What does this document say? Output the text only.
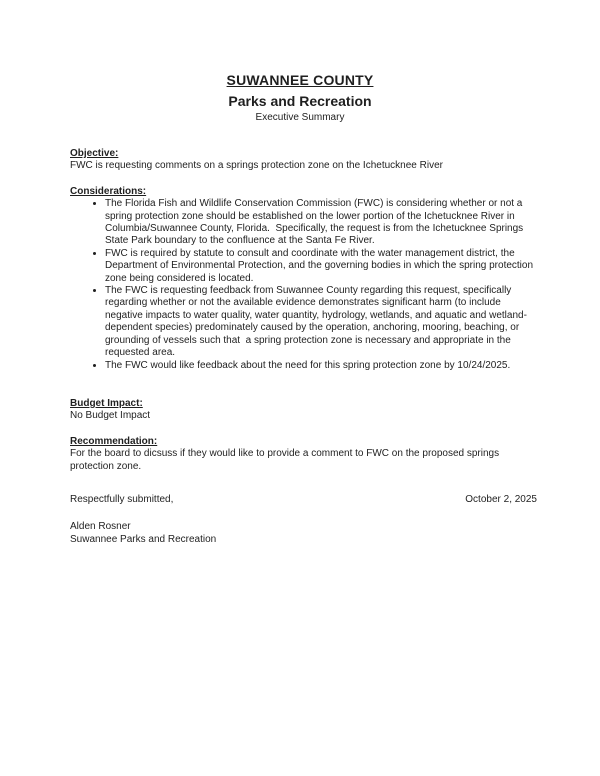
SUWANNEE COUNTY
Parks and Recreation
Executive Summary
Objective:
FWC is requesting comments on a springs protection zone on the Ichetucknee River
Considerations:
• The Florida Fish and Wildlife Conservation Commission (FWC) is considering whether or not a spring protection zone should be established on the lower portion of the Ichetucknee River in Columbia/Suwannee County, Florida.  Specifically, the request is from the Ichetucknee Springs State Park boundary to the confluence at the Santa Fe River.
• FWC is required by statute to consult and coordinate with the water management district, the Department of Environmental Protection, and the governing bodies in which the spring protection zone being considered is located.
• The FWC is requesting feedback from Suwannee County regarding this request, specifically regarding whether or not the available evidence demonstrates significant harm (to include negative impacts to water quality, water quantity, hydrology, wetlands, and aquatic and wetland-dependent species) predominately caused by the operation, anchoring, mooring, beaching, or grounding of vessels such that  a spring protection zone is necessary and appropriate in the requested area.
• The FWC would like feedback about the need for this spring protection zone by 10/24/2025.
Budget Impact:
No Budget Impact
Recommendation:
For the board to dicsuss if they would like to provide a comment to FWC on the proposed springs protection zone.
Respectfully submitted,	October 2, 2025
Alden Rosner
Suwannee Parks and Recreation
